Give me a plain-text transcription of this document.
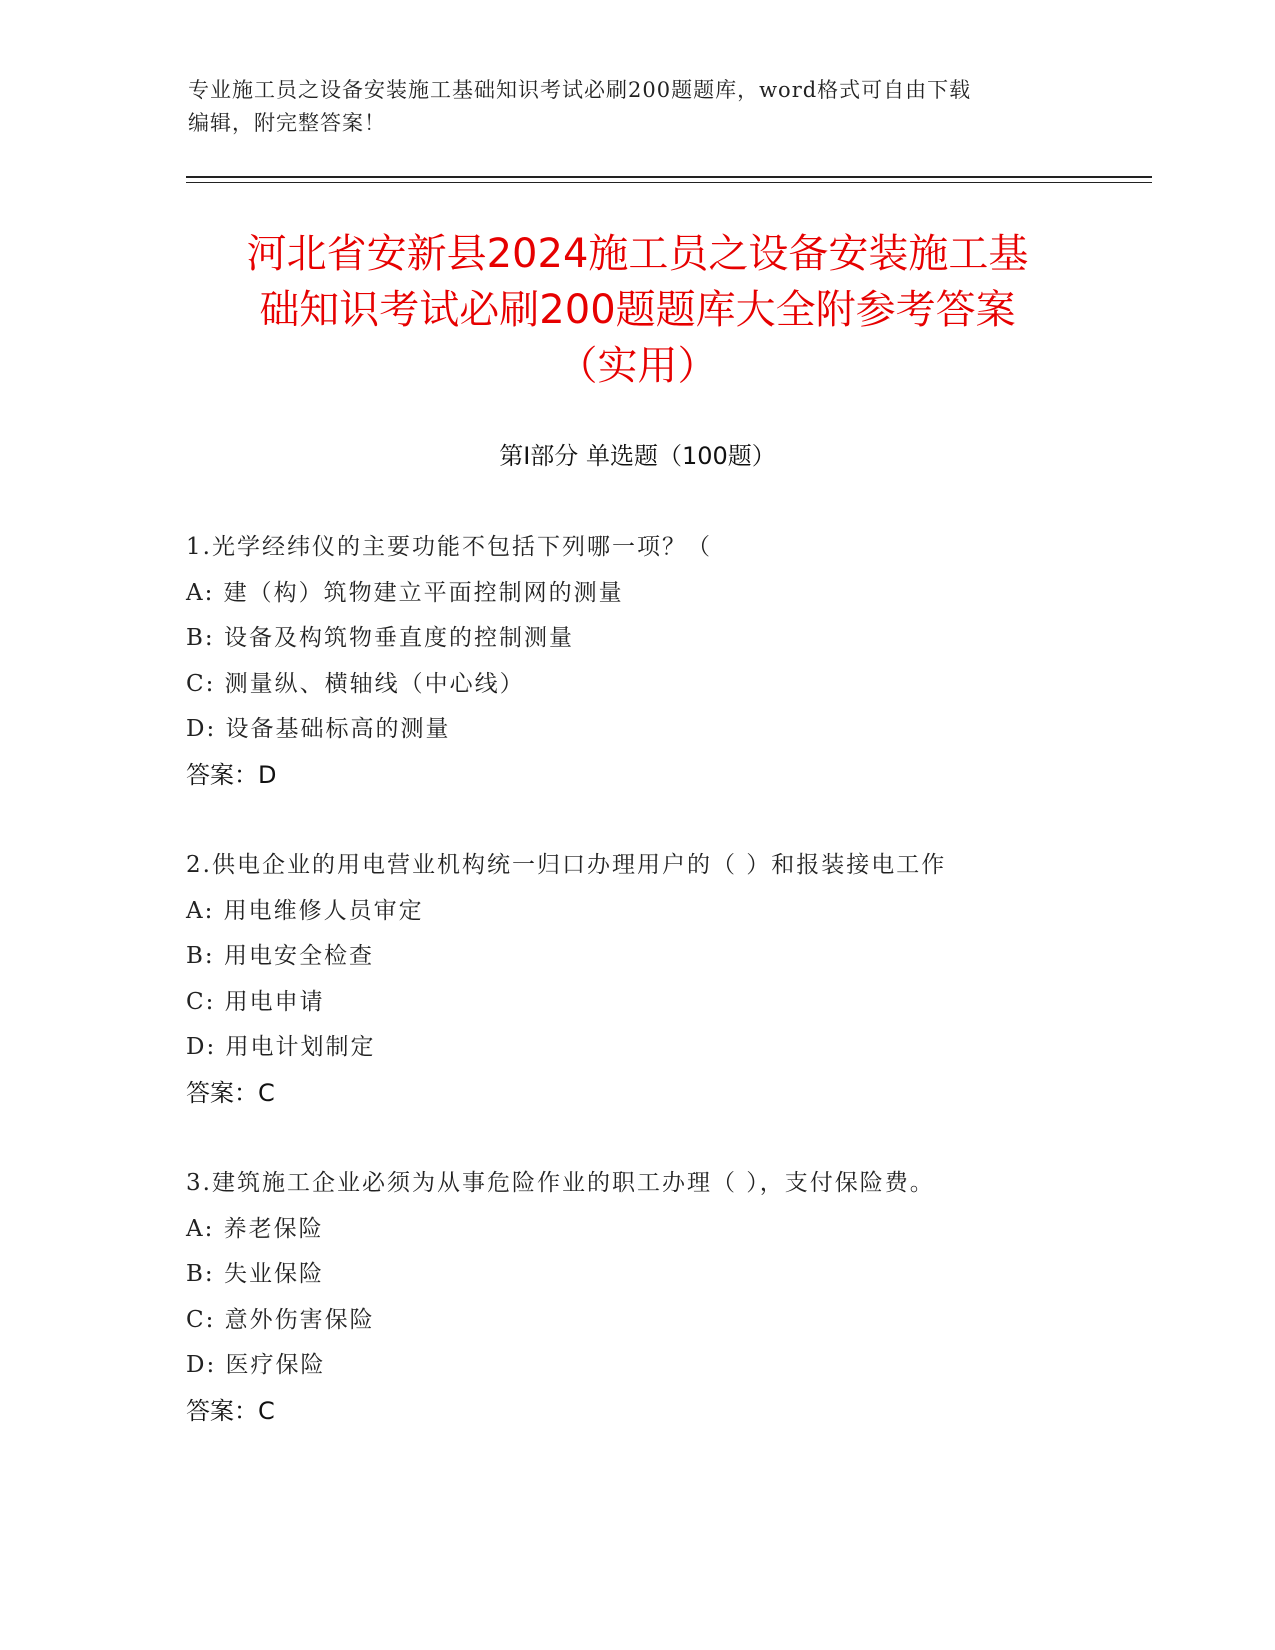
专业施工员之设备安装施工基础知识考试必刷200题题库，word格式可自由下载
编辑，附完整答案！
河北省安新县2024施工员之设备安装施工基
础知识考试必刷200题题库大全附参考答案
（实用）
第Ⅰ部分 单选题（100题）
1.光学经纬仪的主要功能不包括下列哪一项？（
A: 建（构）筑物建立平面控制网的测量
B: 设备及构筑物垂直度的控制测量
C: 测量纵、横轴线（中心线）
D: 设备基础标高的测量
答案：D
2.供电企业的用电营业机构统一归口办理用户的（ ）和报装接电工作
A: 用电维修人员审定
B: 用电安全检查
C: 用电申请
D: 用电计划制定
答案：C
3.建筑施工企业必须为从事危险作业的职工办理（ ），支付保险费。
A: 养老保险
B: 失业保险
C: 意外伤害保险
D: 医疗保险
答案：C
